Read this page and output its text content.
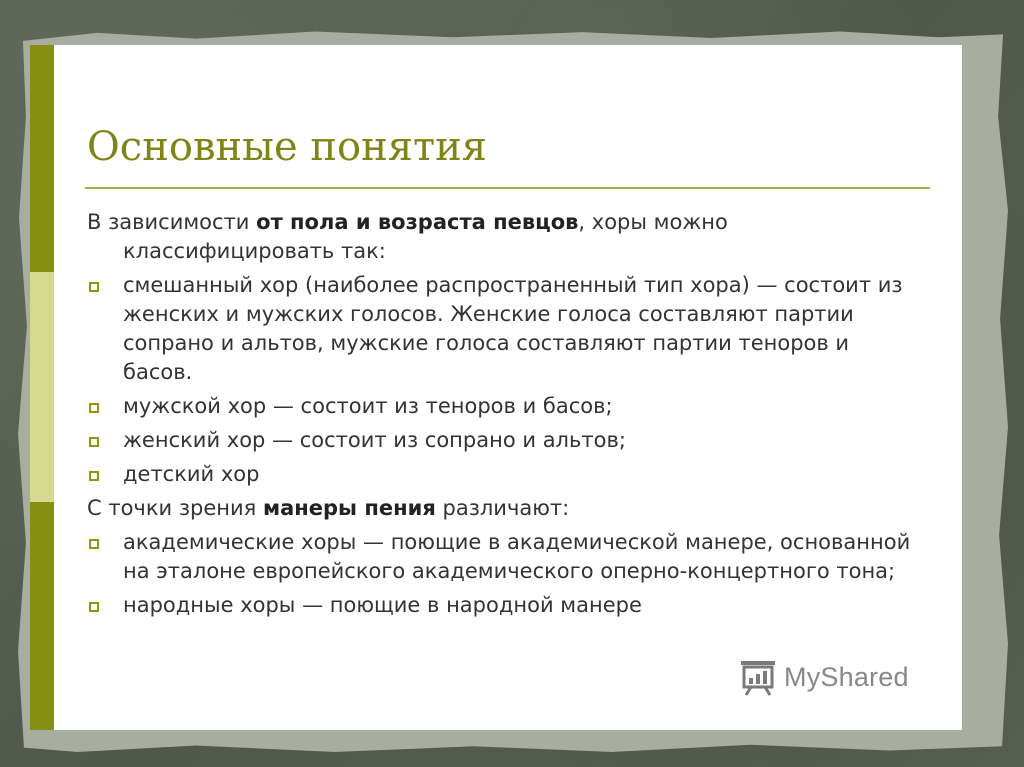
Основные понятия

В зависимости от пола и возраста певцов, хоры можно классифицировать так:

смешанный хор (наиболее распространенный тип хора) — состоит из женских и мужских голосов. Женские голоса составляют партии сопрано и альтов, мужские голоса составляют партии теноров и басов.
мужской хор — состоит из теноров и басов;
женский хор — состоит из сопрано и альтов;
детский хор

С точки зрения манеры пения различают:

академические хоры — поющие в академической манере, основанной на эталоне европейского академического оперно-концертного тона;
народные хоры — поющие в народной манере
MyShared
